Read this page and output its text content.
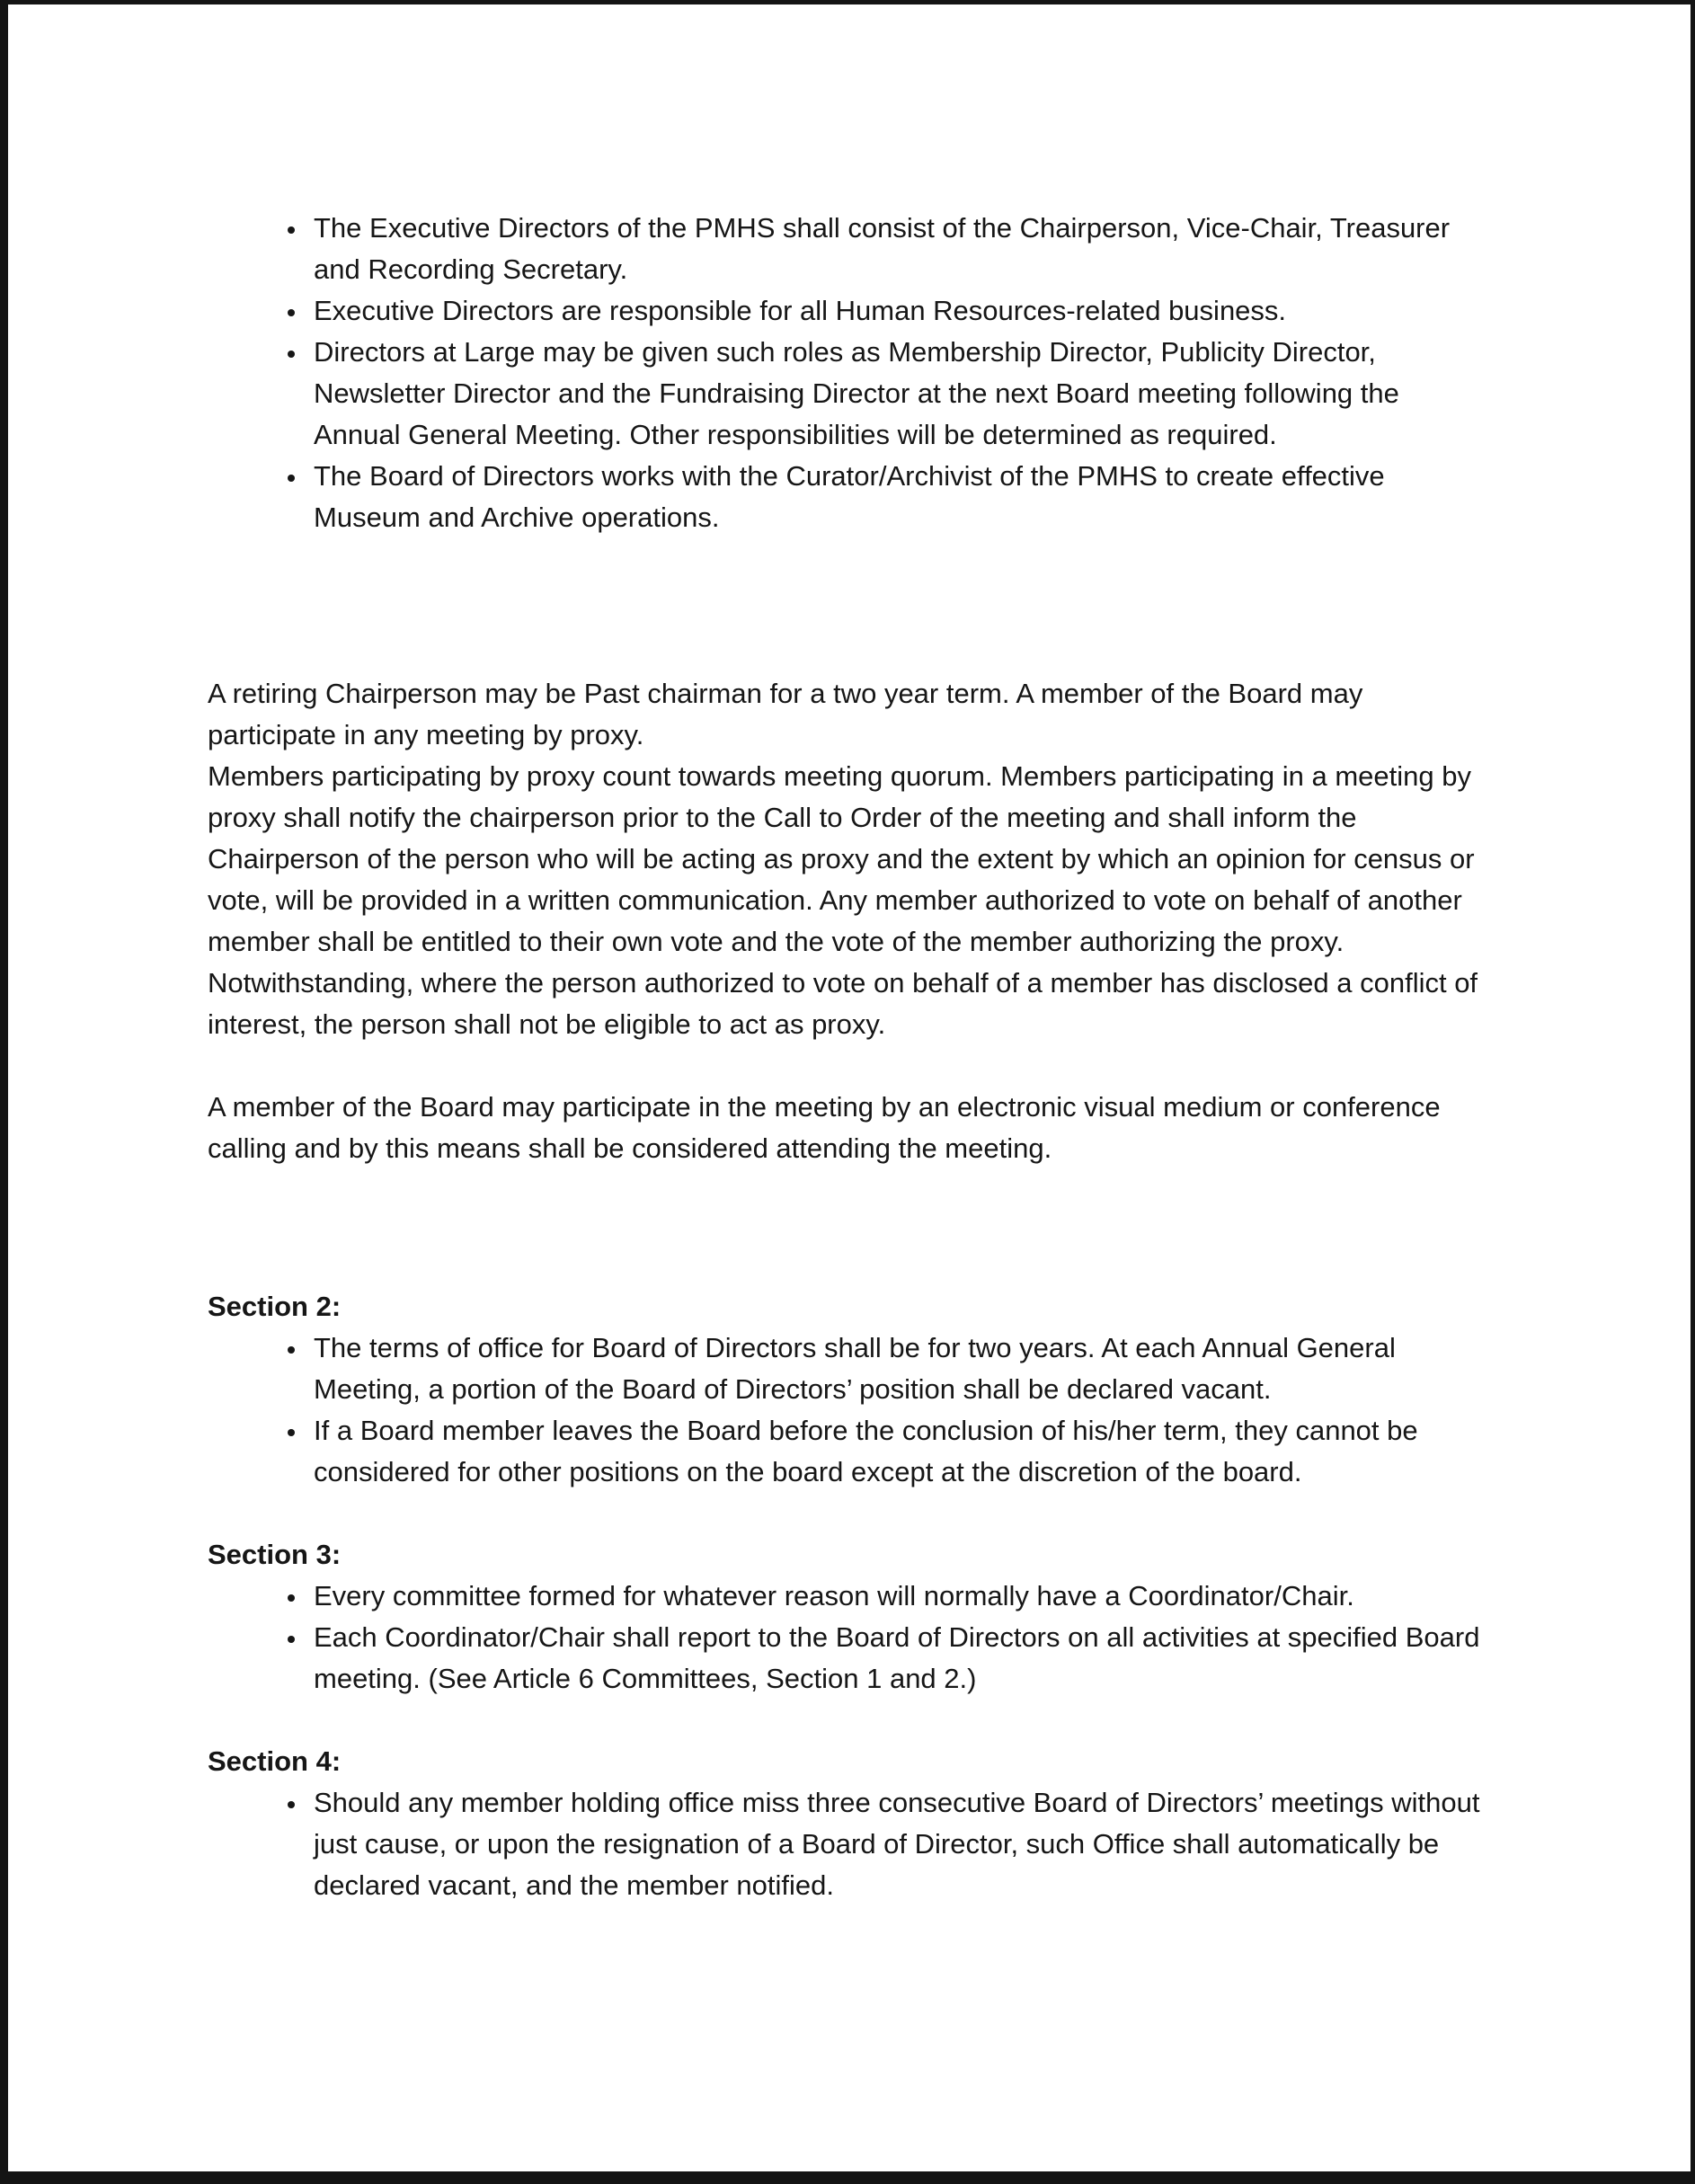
• The Executive Directors of the PMHS shall consist of the Chairperson, Vice-Chair, Treasurer and Recording Secretary.
• Executive Directors are responsible for all Human Resources-related business.
• Directors at Large may be given such roles as Membership Director, Publicity Director, Newsletter Director and the Fundraising Director at the next Board meeting following the Annual General Meeting. Other responsibilities will be determined as required.
• The Board of Directors works with the Curator/Archivist of the PMHS to create effective Museum and Archive operations.

A retiring Chairperson may be Past chairman for a two year term. A member of the Board may participate in any meeting by proxy.

Members participating by proxy count towards meeting quorum. Members participating in a meeting by proxy shall notify the chairperson prior to the Call to Order of the meeting and shall inform the Chairperson of the person who will be acting as proxy and the extent by which an opinion for census or vote, will be provided in a written communication. Any member authorized to vote on behalf of another member shall be entitled to their own vote and the vote of the member authorizing the proxy. Notwithstanding, where the person authorized to vote on behalf of a member has disclosed a conflict of interest, the person shall not be eligible to act as proxy.

A member of the Board may participate in the meeting by an electronic visual medium or conference calling and by this means shall be considered attending the meeting.

Section 2:

• The terms of office for Board of Directors shall be for two years. At each Annual General Meeting, a portion of the Board of Directors’ position shall be declared vacant.
• If a Board member leaves the Board before the conclusion of his/her term, they cannot be considered for other positions on the board except at the discretion of the board.

Section 3:

• Every committee formed for whatever reason will normally have a Coordinator/Chair.
• Each Coordinator/Chair shall report to the Board of Directors on all activities at specified Board meeting. (See Article 6 Committees, Section 1 and 2.)

Section 4:

• Should any member holding office miss three consecutive Board of Directors’ meetings without just cause, or upon the resignation of a Board of Director, such Office shall automatically be declared vacant, and the member notified.
